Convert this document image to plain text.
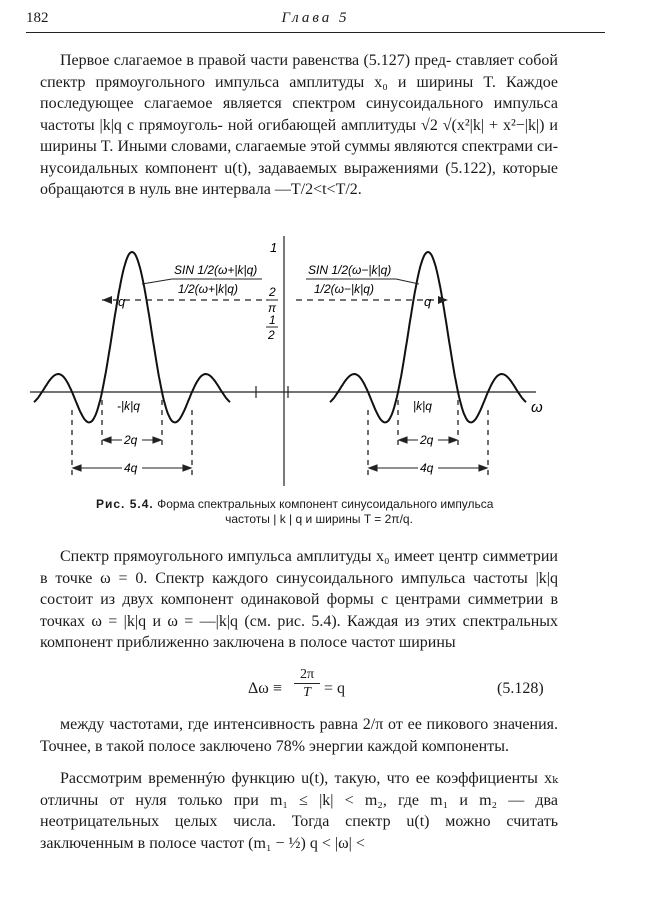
182	Глава 5

Первое слагаемое в правой части равенства (5.127) пред- ставляет собой спектр прямоугольного импульса амплитуды x₀ и ширины T. Каждое последующее слагаемое является спектром синусоидального импульса частоты |k|q с прямоуголь- ной огибающей амплитуды √2 √(x²|k| + x²−|k|) и ширины T. Иными словами, слагаемые этой суммы являются спектрами си- нусоидальных компонент u(t), задаваемых выражениями (5.122), которые обращаются в нуль вне интервала —T/2<t<T/2.

1
2
π
1
2
q	q
SIN 1/2(ω+|k|q)
1/2(ω+|k|q)
SIN 1/2(ω−|k|q)
1/2(ω−|k|q)
-|k|q	|k|q	ω
2q
4q
2q
4q

Рис. 5.4. Форма спектральных компонент синусоидального импульса
частоты | k | q и ширины T = 2π/q.

Спектр прямоугольного импульса амплитуды x₀ имеет центр симметрии в точке ω = 0. Спектр каждого синусоидального импульса частоты |k|q состоит из двух компонент одинаковой формы с центрами симметрии в точках ω = |k|q и ω = —|k|q (см. рис. 5.4). Каждая из этих спектральных компонент приближенно заключена в полосе частот ширины

$\Delta\omega \equiv \frac{2\pi}{T} = q$	(5.128)

между частотами, где интенсивность равна 2/π от ее пикового значения. Точнее, в такой полосе заключено 78% энергии каждой компоненты.

Рассмотрим временнýю функцию u(t), такую, что ее коэффициенты xₖ отличны от нуля только при m₁ ≤ |k| < m₂, где m₁ и m₂ — два неотрицательных целых числа. Тогда спектр u(t) можно считать заключенным в полосе частот (m₁ − ½) q < |ω| <
